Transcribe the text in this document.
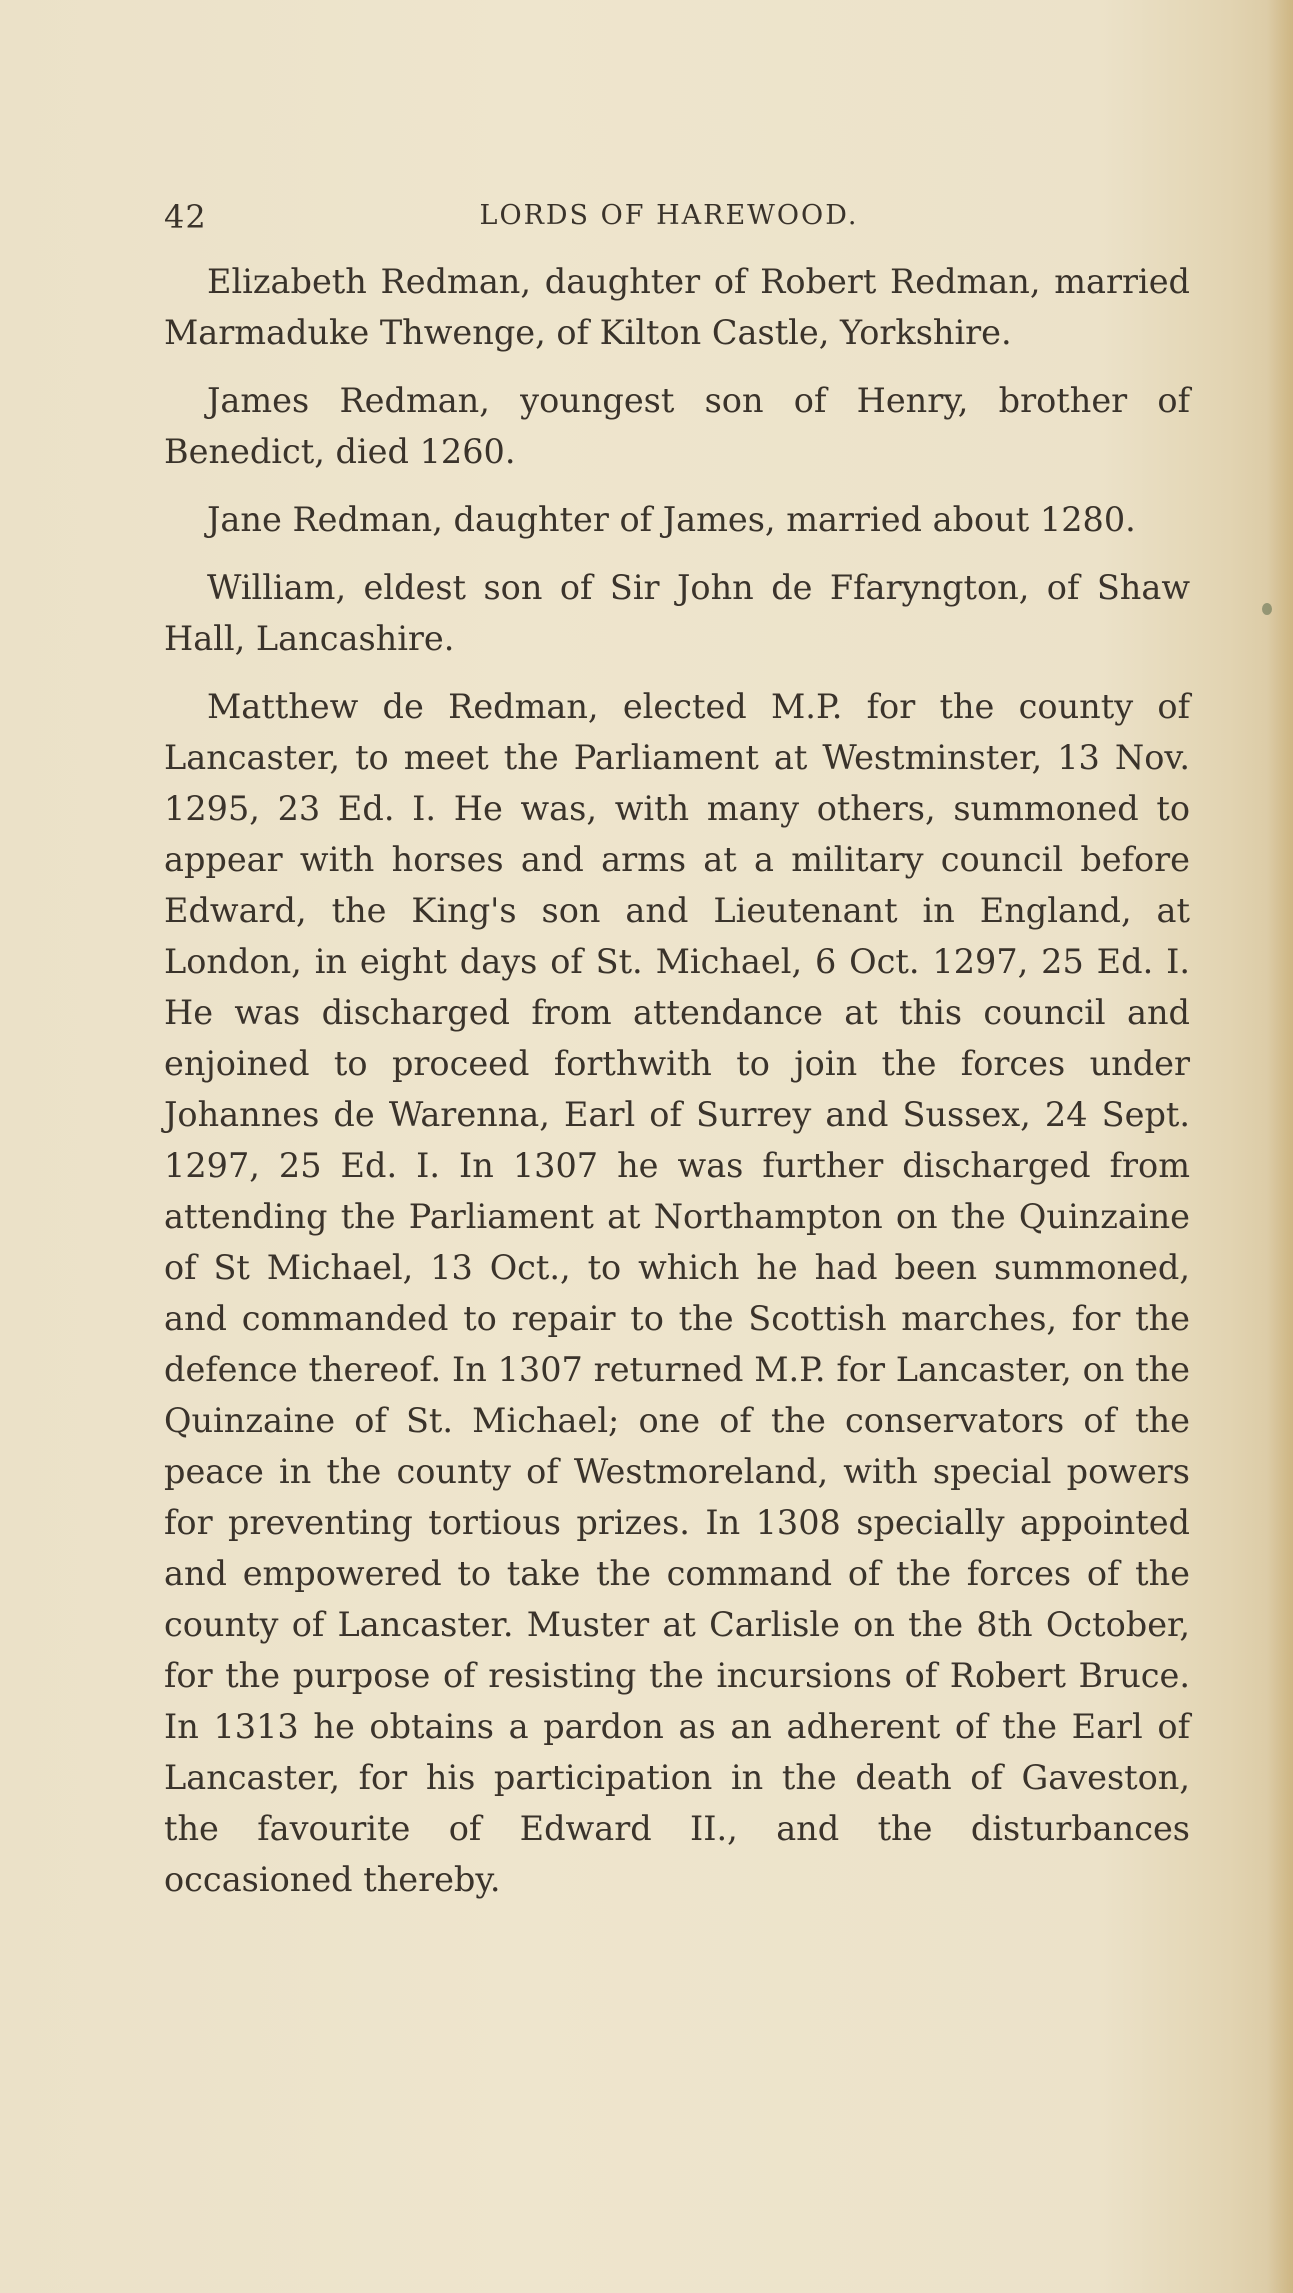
42	LORDS OF HAREWOOD.

Elizabeth Redman, daughter of Robert Redman, married Marmaduke Thwenge, of Kilton Castle, Yorkshire.

James Redman, youngest son of Henry, brother of Benedict, died 1260.

Jane Redman, daughter of James, married about 1280.

William, eldest son of Sir John de Ffaryngton, of Shaw Hall, Lancashire.

Matthew de Redman, elected M.P. for the county of Lancaster, to meet the Parliament at Westminster, 13 Nov. 1295, 23 Ed. I. He was, with many others, summoned to appear with horses and arms at a military council before Edward, the King's son and Lieutenant in England, at London, in eight days of St. Michael, 6 Oct. 1297, 25 Ed. I. He was discharged from attendance at this council and enjoined to proceed forthwith to join the forces under Johannes de Warenna, Earl of Surrey and Sussex, 24 Sept. 1297, 25 Ed. I. In 1307 he was further discharged from attending the Parliament at Northampton on the Quinzaine of St Michael, 13 Oct., to which he had been summoned, and commanded to repair to the Scottish marches, for the defence thereof. In 1307 returned M.P. for Lancaster, on the Quinzaine of St. Michael; one of the conservators of the peace in the county of Westmoreland, with special powers for preventing tortious prizes. In 1308 specially appointed and empowered to take the command of the forces of the county of Lancaster. Muster at Carlisle on the 8th October, for the purpose of resisting the incursions of Robert Bruce. In 1313 he obtains a pardon as an adherent of the Earl of Lancaster, for his participation in the death of Gaveston, the favourite of Edward II., and the disturbances occasioned thereby.
